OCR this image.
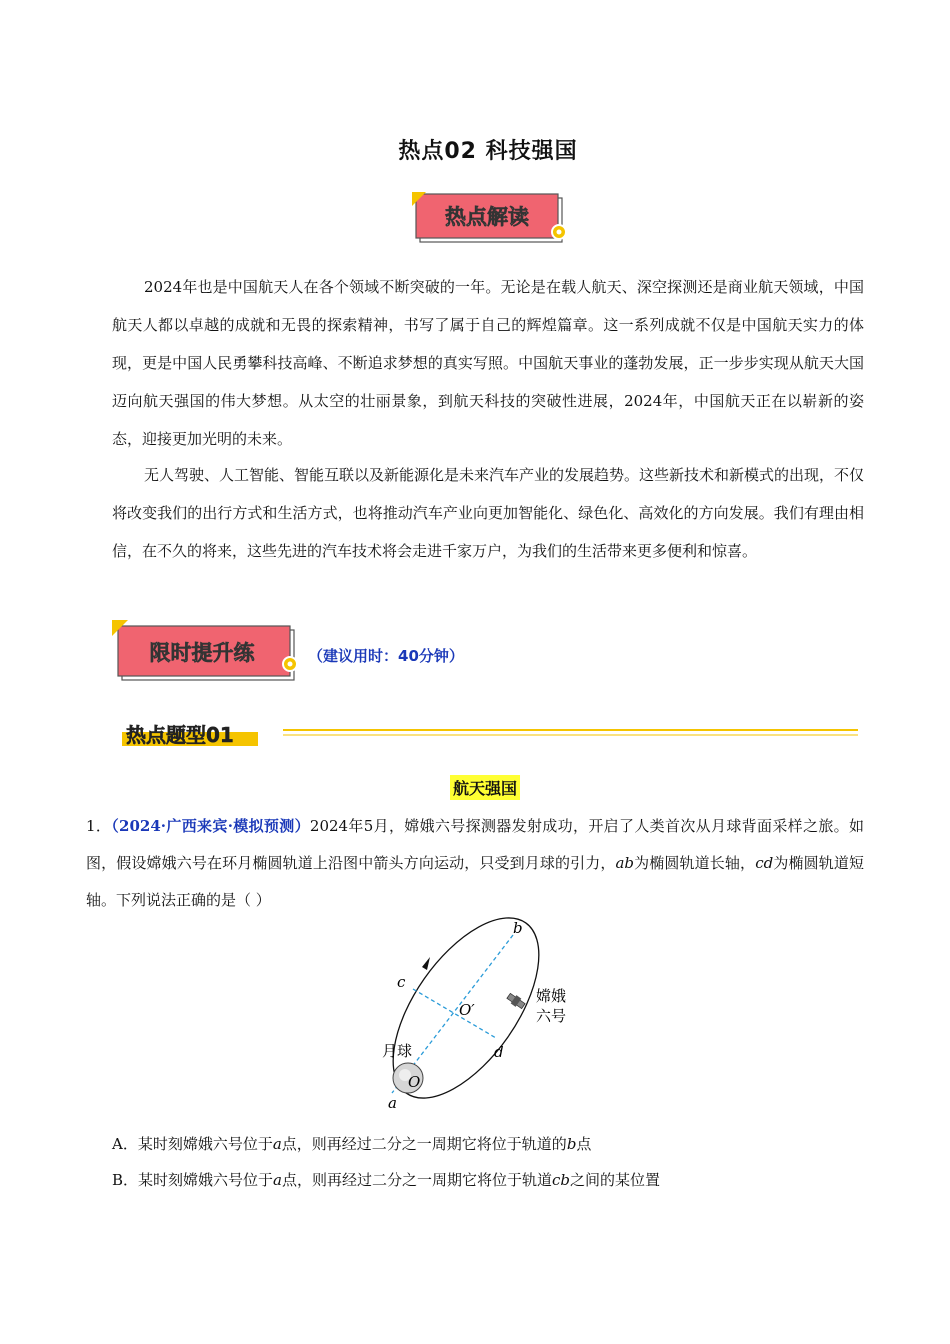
热点02 科技强国
热点解读
2024年也是中国航天人在各个领域不断突破的一年。无论是在载人航天、深空探测还是商业航天领域，中国航天人都以卓越的成就和无畏的探索精神，书写了属于自己的辉煌篇章。这一系列成就不仅是中国航天实力的体现，更是中国人民勇攀科技高峰、不断追求梦想的真实写照。中国航天事业的蓬勃发展，正一步步实现从航天大国迈向航天强国的伟大梦想。从太空的壮丽景象，到航天科技的突破性进展，2024年，中国航天正在以崭新的姿态，迎接更加光明的未来。
无人驾驶、人工智能、智能互联以及新能源化是未来汽车产业的发展趋势。这些新技术和新模式的出现，不仅将改变我们的出行方式和生活方式，也将推动汽车产业向更加智能化、绿色化、高效化的方向发展。我们有理由相信，在不久的将来，这些先进的汽车技术将会走进千家万户，为我们的生活带来更多便利和惊喜。
限时提升练	（建议用时：40分钟）
热点题型01
航天强国
1．（2024·广西来宾·模拟预测）2024年5月，嫦娥六号探测器发射成功，开启了人类首次从月球背面采样之旅。如图，假设嫦娥六号在环月椭圆轨道上沿图中箭头方向运动，只受到月球的引力，ab为椭圆轨道长轴，cd为椭圆轨道短轴。下列说法正确的是（ ）
b
c
O′
d
月球
O
a
嫦娥
六号
A．某时刻嫦娥六号位于a点，则再经过二分之一周期它将位于轨道的b点
B．某时刻嫦娥六号位于a点，则再经过二分之一周期它将位于轨道cb之间的某位置
